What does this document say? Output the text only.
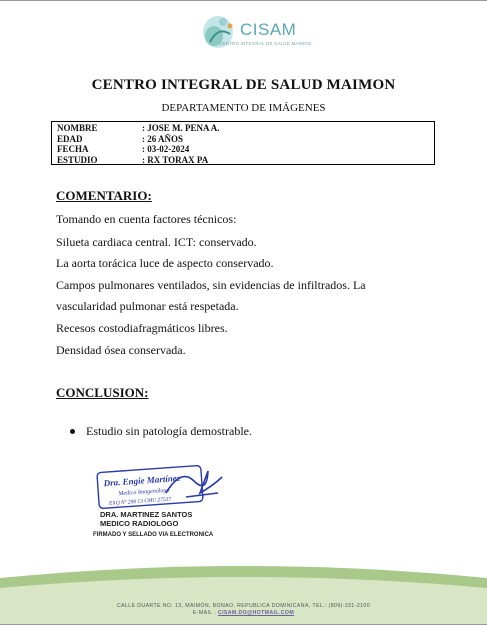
CISAM
CENTRO INTEGRAL DE SALUD MAIMON
CENTRO INTEGRAL DE SALUD MAIMON
DEPARTAMENTO DE IMÁGENES
NOMBRE	: JOSE M. PENA A.
EDAD	: 26 AÑOS
FECHA	: 03-02-2024
ESTUDIO	: RX TORAX PA
COMENTARIO:
Tomando en cuenta factores técnicos:
Silueta cardiaca central. ICT: conservado.
La aorta torácica luce de aspecto conservado.
Campos pulmonares ventilados, sin evidencias de infiltrados. La
vascularidad pulmonar está respetada.
Recesos costodiafragmáticos libres.
Densidad ósea conservada.
CONCLUSION:
Estudio sin patología demostrable.
Dra. Engie Martínez
Medico Imagenólogo
EXQ Nº 298 13 CMC 27537
DRA. MARTINEZ SANTOS
MEDICO RADIOLOGO
FIRMADO Y SELLADO VIA ELECTRONICA
CALLE DUARTE NO. 13, MAIMÓN, BONAO, REPUBLICA DOMINICANA, TEL.: (809)-331-2100
E-MAIL : CISAM.DO@HOTMAIL.COM
